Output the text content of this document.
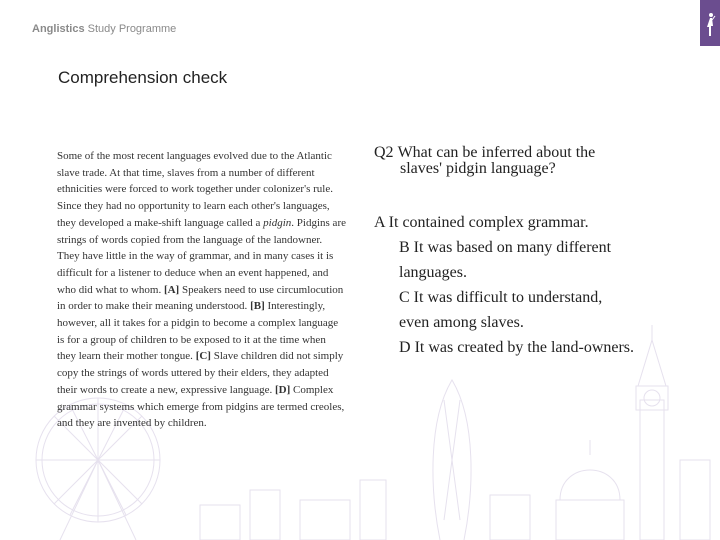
Anglistics Study Programme
Comprehension check
Some of the most recent languages evolved due to the Atlantic slave trade. At that time, slaves from a number of different ethnicities were forced to work together under colonizer's rule. Since they had no opportunity to learn each other's languages, they developed a make-shift language called a pidgin. Pidgins are strings of words copied from the language of the landowner. They have little in the way of grammar, and in many cases it is difficult for a listener to deduce when an event happened, and who did what to whom. [A] Speakers need to use circumlocution in order to make their meaning understood. [B] Interestingly, however, all it takes for a pidgin to become a complex language is for a group of children to be exposed to it at the time when they learn their mother tongue. [C] Slave children did not simply copy the strings of words uttered by their elders, they adapted their words to create a new, expressive language. [D] Complex grammar systems which emerge from pidgins are termed creoles, and they are invented by children.
Q2 What can be inferred about the
slaves' pidgin language?
A It contained complex grammar.
B It was based on many different
languages.
C It was difficult to understand,
even among slaves.
D It was created by the land-owners.
